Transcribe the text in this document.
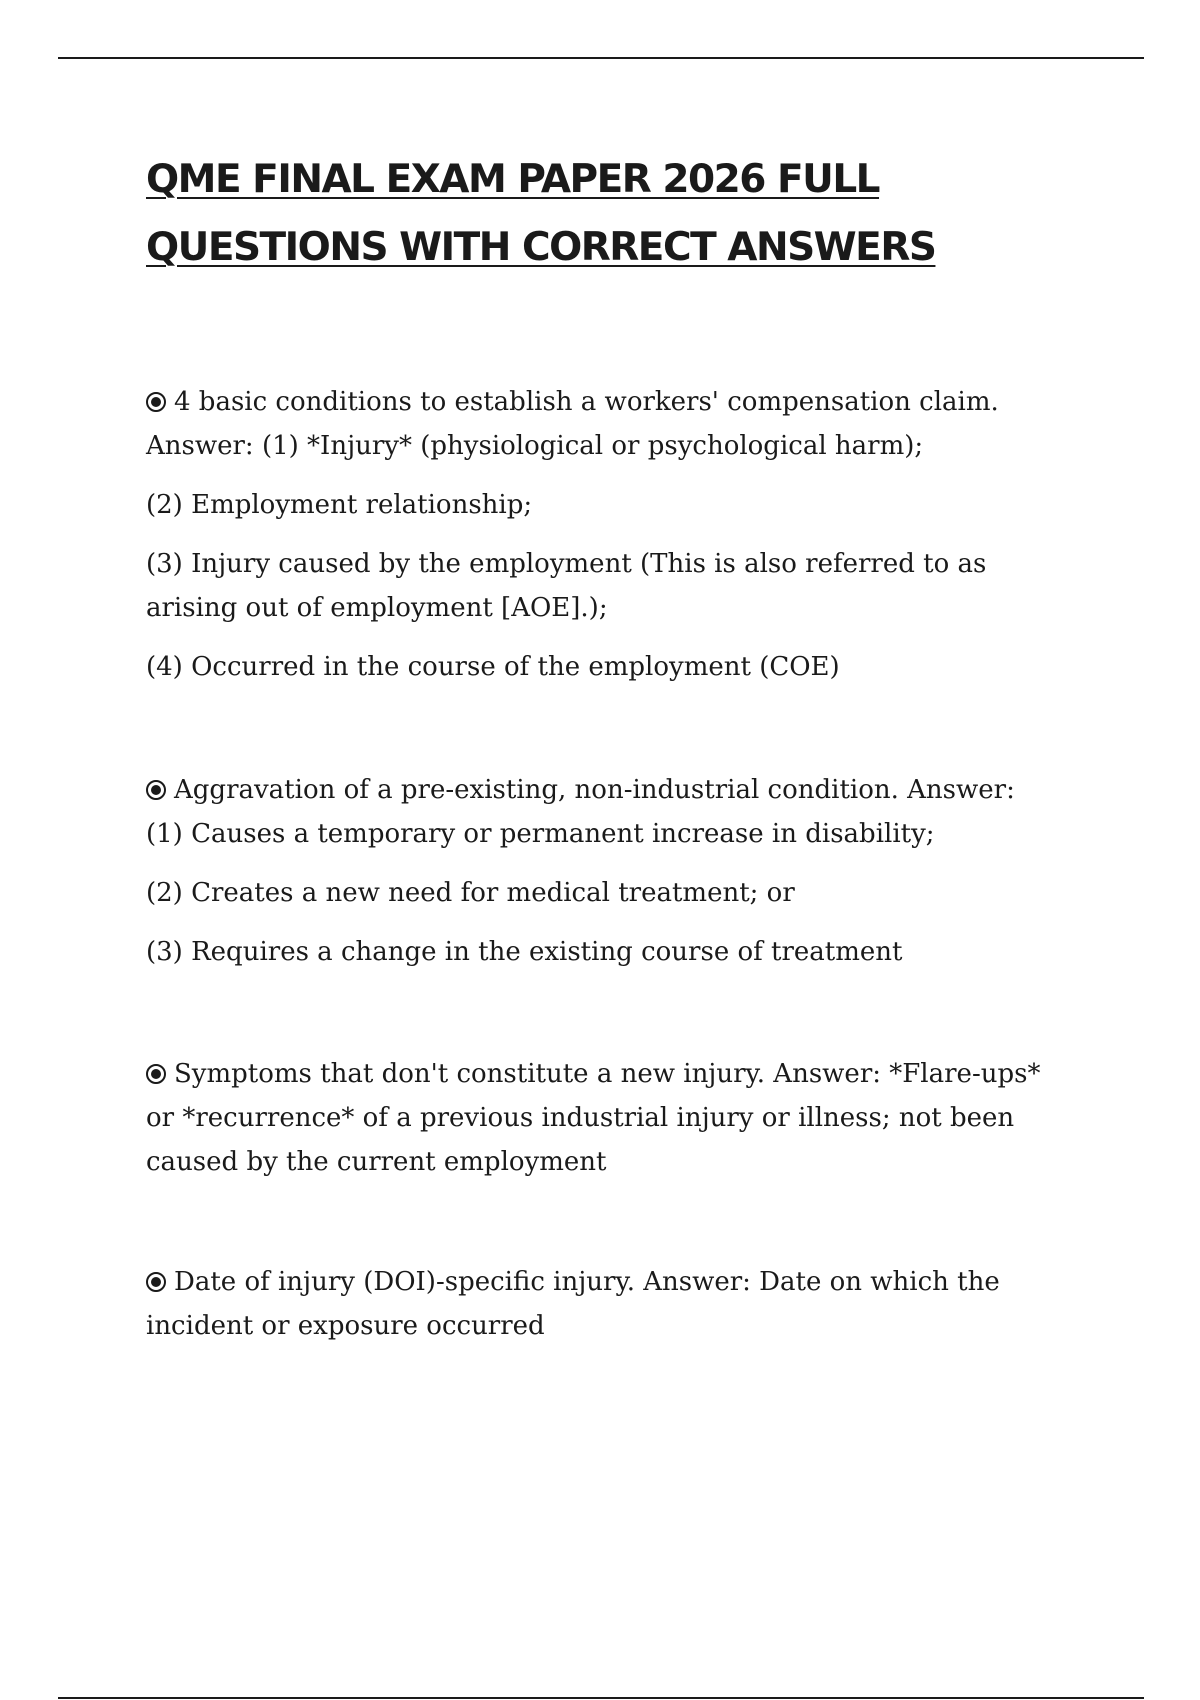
QME FINAL EXAM PAPER 2026 FULL
QUESTIONS WITH CORRECT ANSWERS

4 basic conditions to establish a workers' compensation claim.

Answer: (1) *Injury* (physiological or psychological harm);

(2) Employment relationship;

(3) Injury caused by the employment (This is also referred to as

arising out of employment [AOE].);

(4) Occurred in the course of the employment (COE)

Aggravation of a pre-existing, non-industrial condition. Answer:

(1) Causes a temporary or permanent increase in disability;

(2) Creates a new need for medical treatment; or

(3) Requires a change in the existing course of treatment

Symptoms that don't constitute a new injury. Answer: *Flare-ups*

or *recurrence* of a previous industrial injury or illness; not been

caused by the current employment

Date of injury (DOI)-specific injury. Answer: Date on which the

incident or exposure occurred
